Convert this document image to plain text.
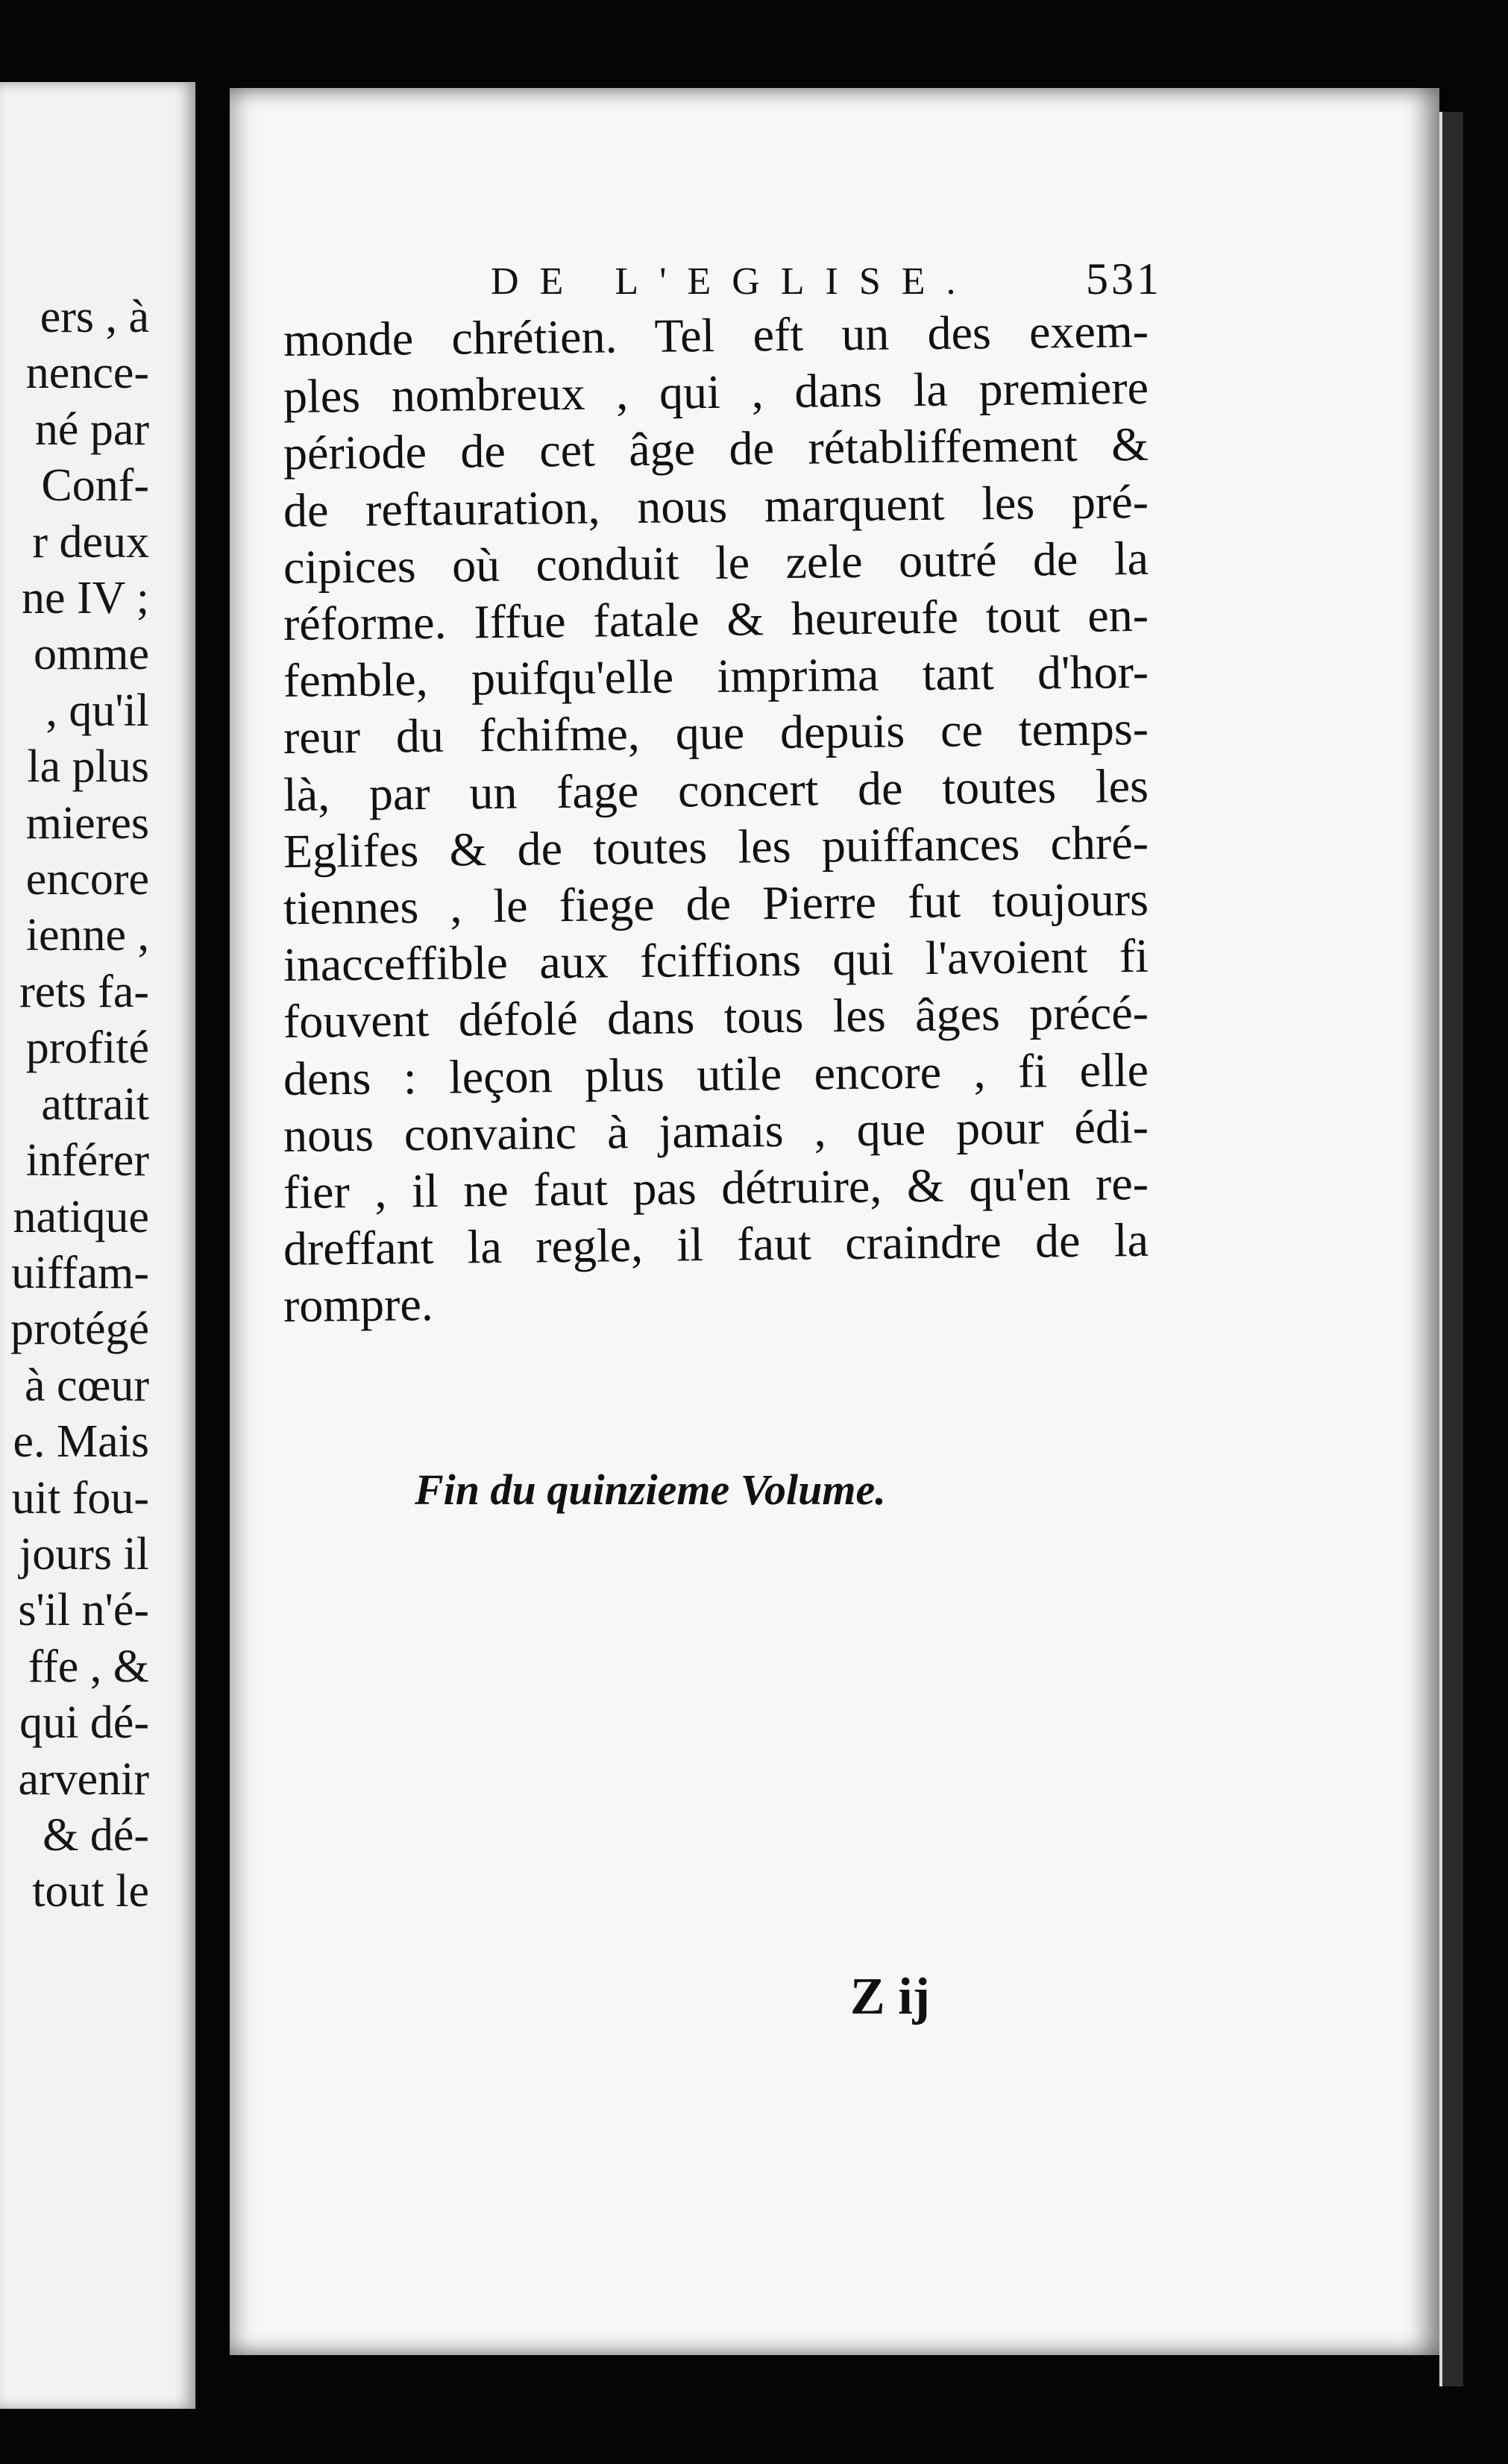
ers , à
nence-
né par
Conf-
r deux
ne IV ;
omme
, qu'il
la plus
mieres
encore
ienne ,
rets fa-
profité
attrait
inférer
natique
uiffam-
protégé
à cœur
e. Mais
uit fou-
jours il
s'il n'é-
ffe , &
qui dé-
arvenir
& dé-
tout le
DE L'EGLISE. 531
monde chrétien. Tel eft un des exem-
ples nombreux , qui , dans la premiere
période de cet âge de rétabliffement &
de reftauration, nous marquent les pré-
cipices où conduit le zele outré de la
réforme. Iffue fatale & heureufe tout en-
femble, puifqu'elle imprima tant d'hor-
reur du fchifme, que depuis ce temps-
là, par un fage concert de toutes les
Eglifes & de toutes les puiffances chré-
tiennes , le fiege de Pierre fut toujours
inacceffible aux fciffions qui l'avoient fi
fouvent défolé dans tous les âges précé-
dens : leçon plus utile encore , fi elle
nous convainc à jamais , que pour édi-
fier , il ne faut pas détruire, & qu'en re-
dreffant la regle, il faut craindre de la
rompre.
Fin du quinzieme Volume.
Z ij
